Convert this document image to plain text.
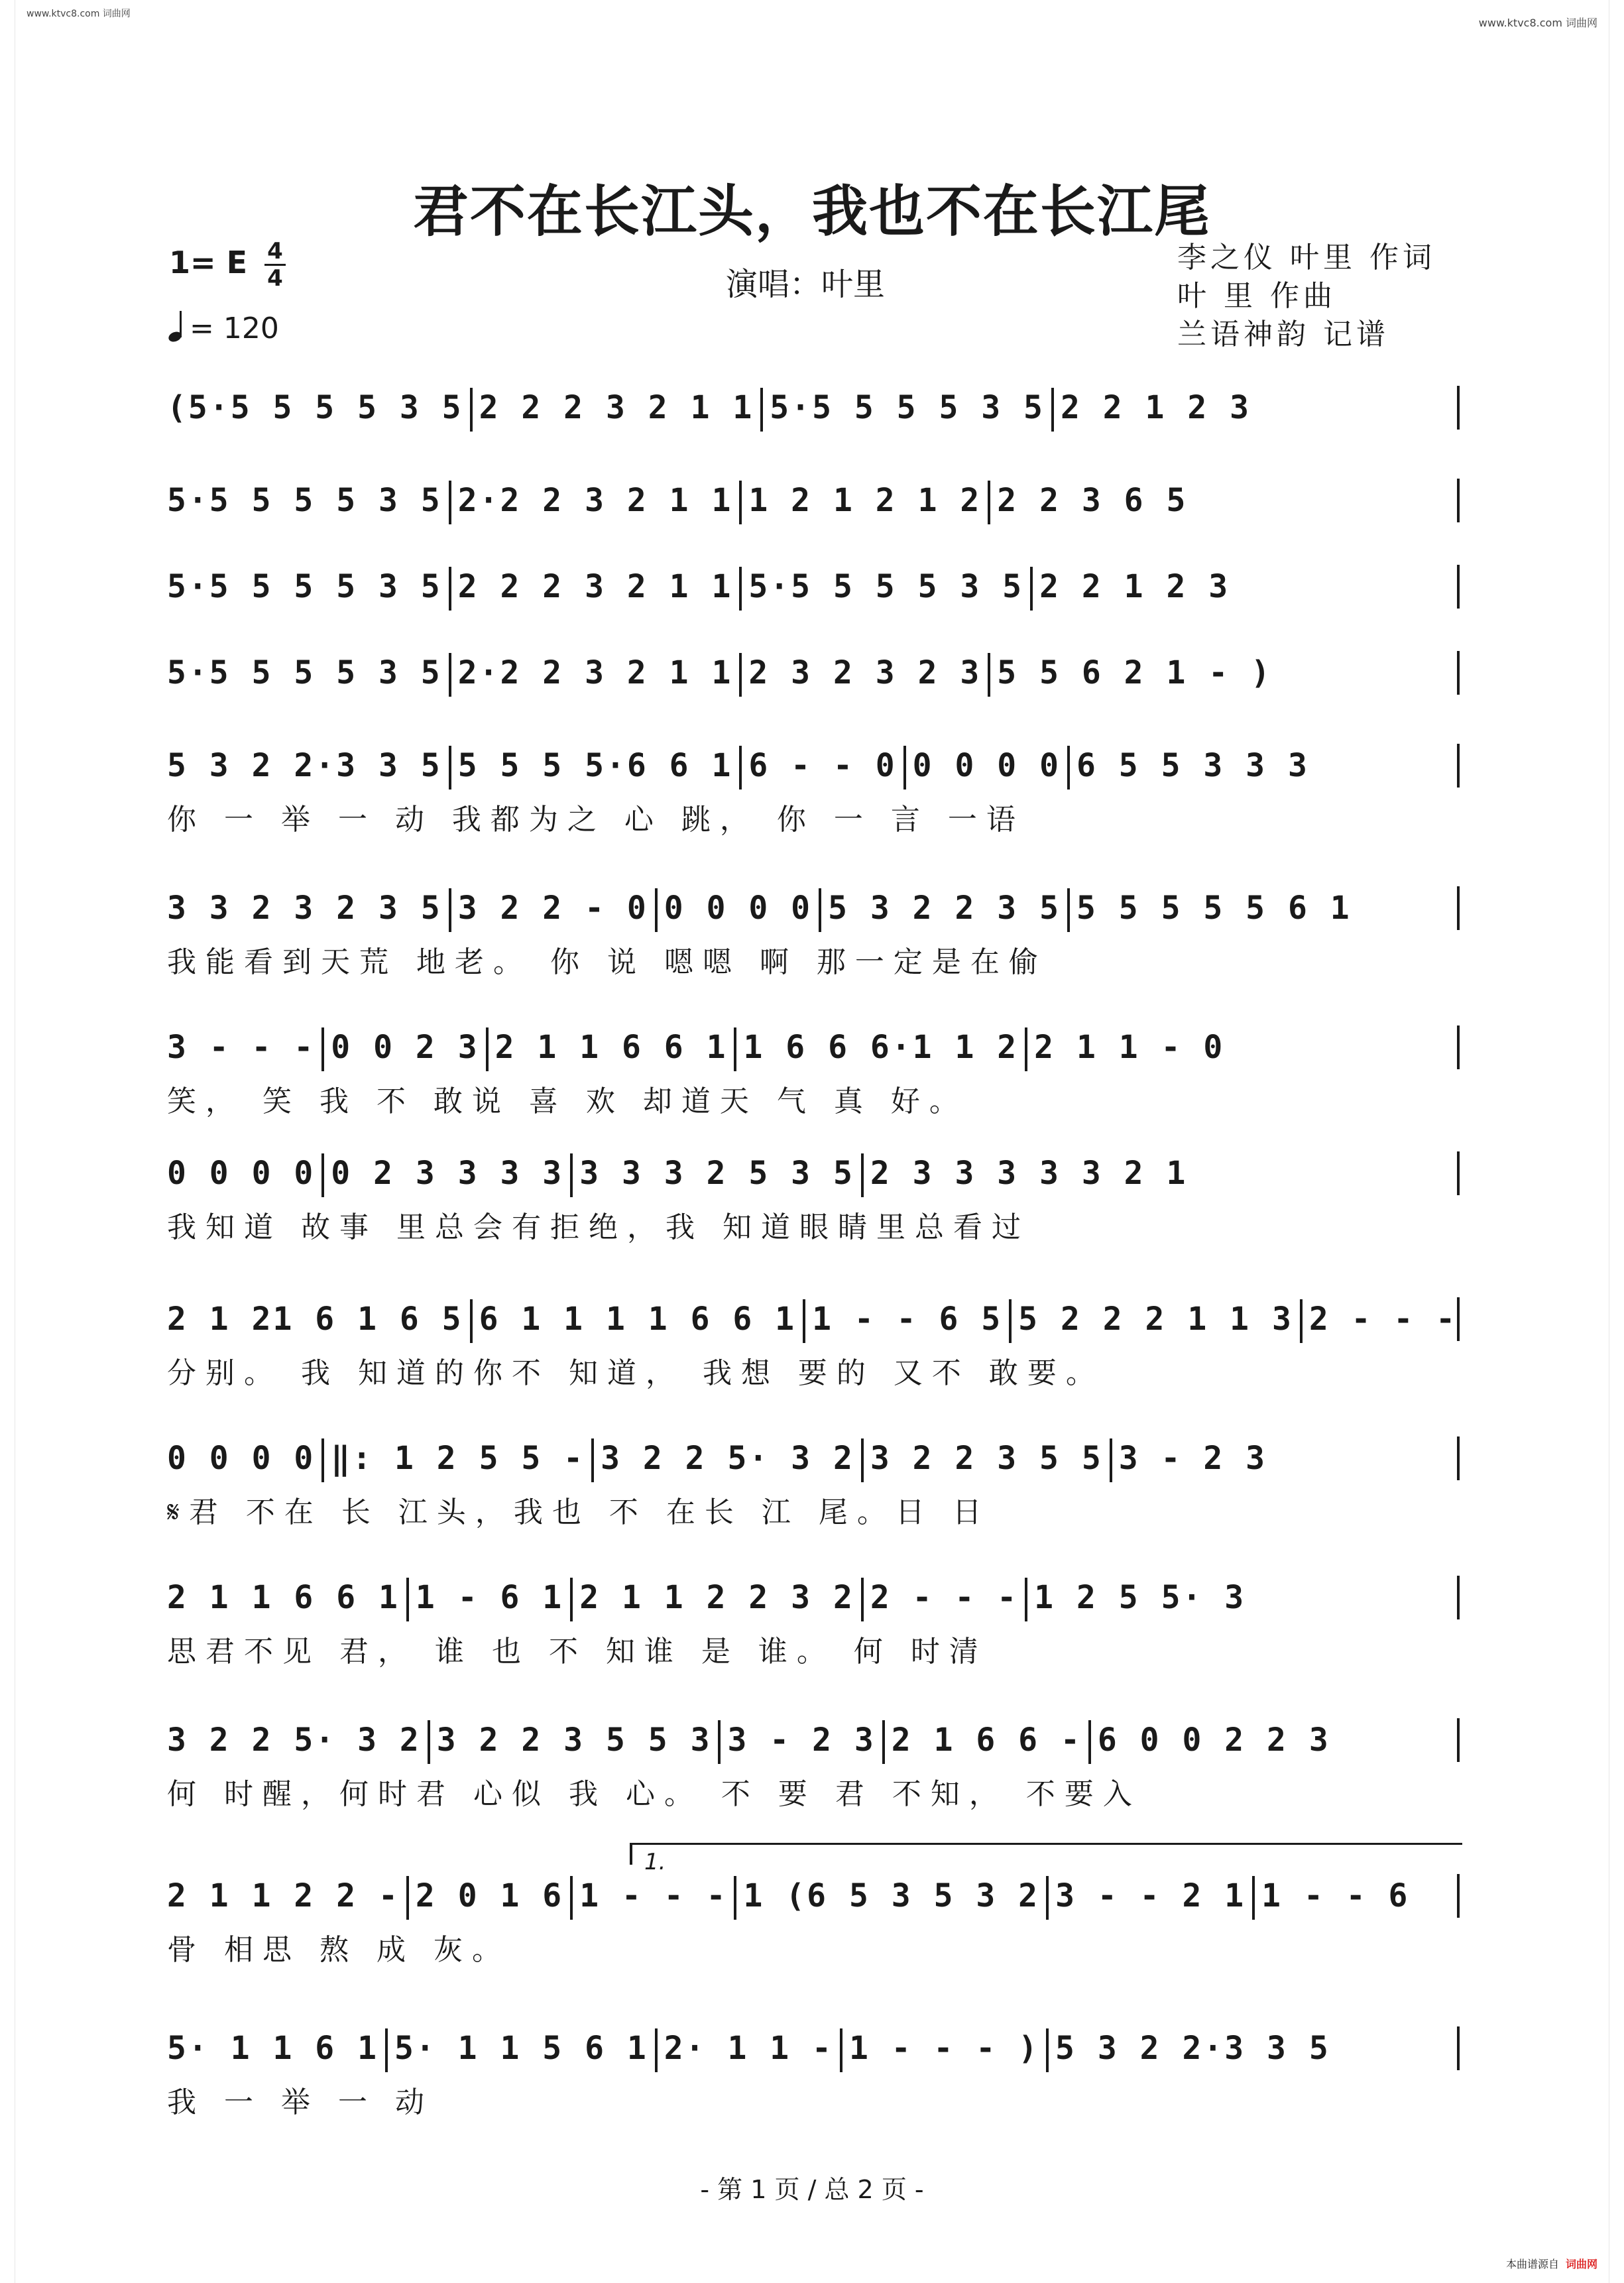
www.ktvc8.com 词曲网
www.ktvc8.com 词曲网
本曲谱源自 词曲网
君不在长江头，我也不在长江尾
1= E $\frac{4}{4}$
= 120
演唱：叶里
李之仪 叶里 作词
叶 里 作曲
兰语神韵 记谱
(5·5 5 5 5 3 5 2 2 2 3 2 1 1 5·5 5 5 5 3 5 2 2 1 2 3
5·5 5 5 5 3 5 2·2 2 3 2 1 1 1 2 1 2 1 2 2 2 3 6 5
5·5 5 5 5 3 5 2 2 2 3 2 1 1 5·5 5 5 5 3 5 2 2 1 2 3
5·5 5 5 5 3 5 2·2 2 3 2 1 1 2 3 2 3 2 3 5 5 6 2 1 - )
5 3 2 2·3 3 5 5 5 5 5·6 6 1 6 - - 0 0 0 0 0 6 5 5 3 3 3
你 一 举 一 动 我都为之 心 跳， 你 一 言 一语
3 3 2 3 2 3 5 3 2 2 - 0 0 0 0 0 5 3 2 2 3 5 5 5 5 5 5 6 1
我能看到天荒 地老。 你 说 嗯嗯 啊 那一定是在偷
3 - - - 0 0 2 3 2 1 1 6 6 1 1 6 6 6·1 1 2 2 1 1 - 0
笑， 笑 我 不 敢说 喜 欢 却道天 气 真 好。
0 0 0 0 0 2 3 3 3 3 3 3 3 2 5 3 5 2 3 3 3 3 3 2 1
我知道 故事 里总会有拒绝，我 知道眼睛里总看过
2 1 21 6 1 6 5 6 1 1 1 1 6 6 1 1 - - 6 5 5 2 2 2 1 1 3 2 - - -
分别。 我 知道的你不 知道， 我想 要的 又不 敢要。
0 0 0 0 ‖: 1 2 5 5 - 3 2 2 5· 3 2 3 2 2 3 5 5 3 - 2 3
𝄋君 不在 长 江头，我也 不 在长 江 尾。日 日
2 1 1 6 6 1 1 - 6 1 2 1 1 2 2 3 2 2 - - - 1 2 5 5· 3
思君不见 君， 谁 也 不 知谁 是 谁。 何 时清
3 2 2 5· 3 2 3 2 2 3 5 5 3 3 - 2 3 2 1 6 6 - 6 0 0 2 2 3
何 时醒，何时君 心似 我 心。 不 要 君 不知， 不要入
2 1 1 2 2 - 2 0 1 6 1 - - - 1 (6 5 3 5 3 2 3 - - 2 1 1 - - 6
骨 相思 熬 成 灰。
5· 1 1 6 1 5· 1 1 5 6 1 2· 1 1 - 1 - - - ) 5 3 2 2·3 3 5
我 一 举 一 动
1.
- 第 1 页 / 总 2 页 -
